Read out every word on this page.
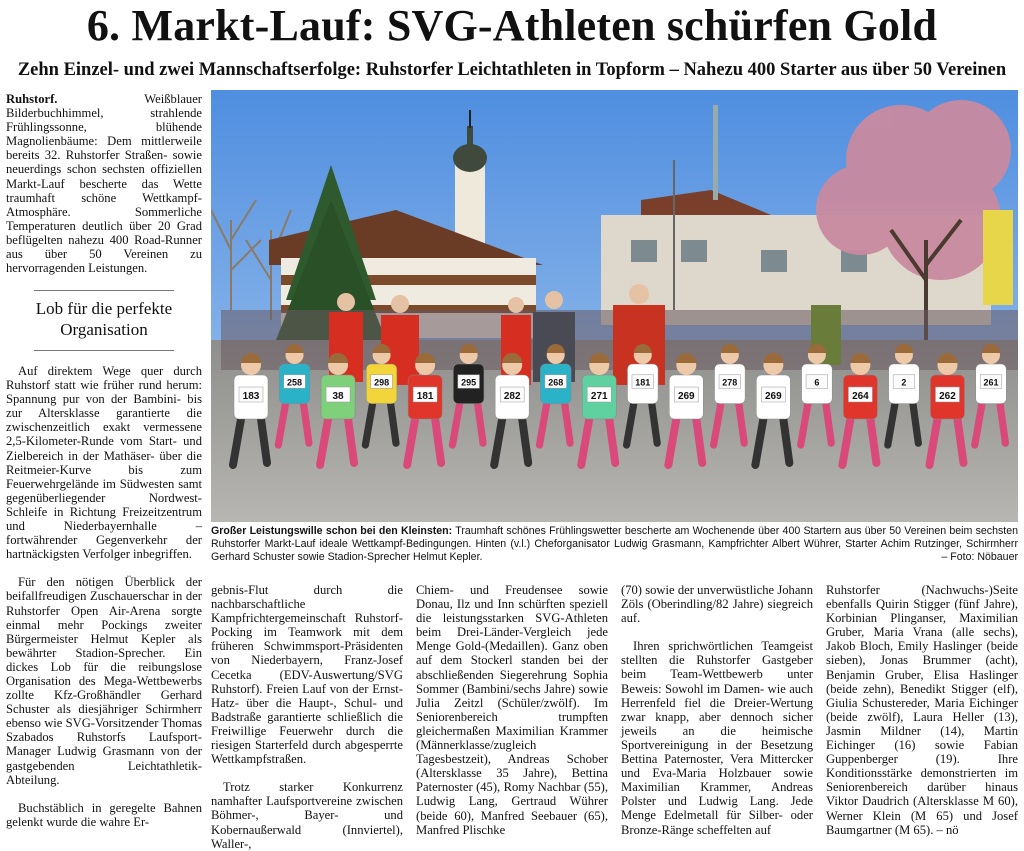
6. Markt-Lauf: SVG-Athleten schürfen Gold
Zehn Einzel- und zwei Mannschaftserfolge: Ruhstorfer Leichtathleten in Topform – Nahezu 400 Starter aus über 50 Vereinen

Ruhstorf.	Weißblauer Bilderbuchhimmel, strahlende Frühlingssonne, blühende Magnolienbäume: Dem mittlerweile bereits 32. Ruhstorfer Straßen- sowie neuerdings schon sechsten offiziellen Markt-Lauf bescherte das Wette traumhaft schöne Wettkampf-Atmosphäre. Sommerliche Temperaturen deutlich über 20 Grad beflügelten nahezu 400 Road-Runner aus über 50 Vereinen zu hervorragenden Leistungen.

Lob für die perfekte Organisation

Auf direktem Wege quer durch Ruhstorf statt wie früher rund herum: Spannung pur von der Bambini- bis zur Altersklasse garantierte die zwischenzeitlich exakt vermessene 2,5-Kilometer-Runde vom Start- und Zielbereich in der Mathäser- über die Reitmeier-Kurve bis zum Feuerwehrgelände im Südwesten samt gegenüberliegender Nordwest-Schleife in Richtung Freizeitzentrum und Niederbayernhalle – fortwährender Gegenverkehr der hartnäckigsten Verfolger inbegriffen.

Für den nötigen Überblick der beifallfreudigen Zuschauerschar in der Ruhstorfer Open Air-Arena sorgte einmal mehr Pockings zweiter Bürgermeister Helmut Kepler als bewährter Stadion-Sprecher. Ein dickes Lob für die reibungslose Organisation des Mega-Wettbewerbs zollte Kfz-Großhändler Gerhard Schuster als diesjähriger Schirmherr ebenso wie SVG-Vorsitzender Thomas Szabados Ruhstorfs Laufsport-Manager Ludwig Grasmann von der gastgebenden Leichtathletik-Abteilung.

Buchstäblich in geregelte Bahnen gelenkt wurde die wahre Er-

183
258
38
298
181
295
282
268
271
181
269
278
269
6
264
2
262
261
Großer Leistungswille schon bei den Kleinsten: Traumhaft schönes Frühlingswetter bescherte am Wochenende über 400 Startern aus über 50 Vereinen beim sechsten Ruhstorfer Markt-Lauf ideale Wettkampf-Bedingungen. Hinten (v.l.) Cheforganisator Ludwig Grasmann, Kampfrichter Albert Wührer, Starter Achim Rutzinger, Schirmherr Gerhard Schuster sowie Stadion-Sprecher Helmut Kepler.	– Foto: Nöbauer

gebnis-Flut durch die nachbarschaftliche Kampfrichtergemeinschaft Ruhstorf-Pocking im Teamwork mit dem früheren Schwimmsport-Präsidenten von Niederbayern, Franz-Josef Cecetka (EDV-Auswertung/SVG Ruhstorf). Freien Lauf von der Ernst-Hatz- über die Haupt-, Schul- und Badstraße garantierte schließlich die Freiwillige Feuerwehr durch die riesigen Starterfeld durch abgesperrte Wettkampfstraßen.

Trotz starker Konkurrenz namhafter Laufsportvereine zwischen Böhmer-, Bayer- und Kobernaußerwald (Innviertel), Waller-,

Chiem- und Freudensee sowie Donau, Ilz und Inn schürften speziell die leistungsstarken SVG-Athleten beim Drei-Länder-Vergleich jede Menge Gold-(Medaillen). Ganz oben auf dem Stockerl standen bei der abschließenden Siegerehrung Sophia Sommer (Bambini/sechs Jahre) sowie Julia Zeitzl (Schüler/zwölf). Im Seniorenbereich trumpften gleichermaßen Maximilian Krammer (Männerklasse/zugleich Tagesbestzeit), Andreas Schober (Altersklasse 35 Jahre), Bettina Paternoster (45), Romy Nachbar (55), Ludwig Lang, Gertraud Wührer (beide 60), Manfred Seebauer (65), Manfred Plischke

(70) sowie der unverwüstliche Johann Zöls (Oberindling/82 Jahre) siegreich auf.

Ihren sprichwörtlichen Teamgeist stellten die Ruhstorfer Gastgeber beim Team-Wettbewerb unter Beweis: Sowohl im Damen- wie auch Herrenfeld fiel die Dreier-Wertung zwar knapp, aber dennoch sicher jeweils an die heimische Sportvereinigung in der Besetzung Bettina Paternoster, Vera Mittercker und Eva-Maria Holzbauer sowie Maximilian Krammer, Andreas Polster und Ludwig Lang. Jede Menge Edelmetall für Silber- oder Bronze-Ränge scheffelten auf

Ruhstorfer (Nachwuchs-)Seite ebenfalls Quirin Stigger (fünf Jahre), Korbinian Plinganser, Maximilian Gruber, Maria Vrana (alle sechs), Jakob Bloch, Emily Haslinger (beide sieben), Jonas Brummer (acht), Benjamin Gruber, Elisa Haslinger (beide zehn), Benedikt Stigger (elf), Giulia Schustereder, Maria Eichinger (beide zwölf), Laura Heller (13), Jasmin Mildner (14), Martin Eichinger (16) sowie Fabian Guppenberger (19). Ihre Konditionsstärke demonstrierten im Seniorenbereich darüber hinaus Viktor Daudrich (Altersklasse M 60), Werner Klein (M 65) und Josef Baumgartner (M 65). – nö
